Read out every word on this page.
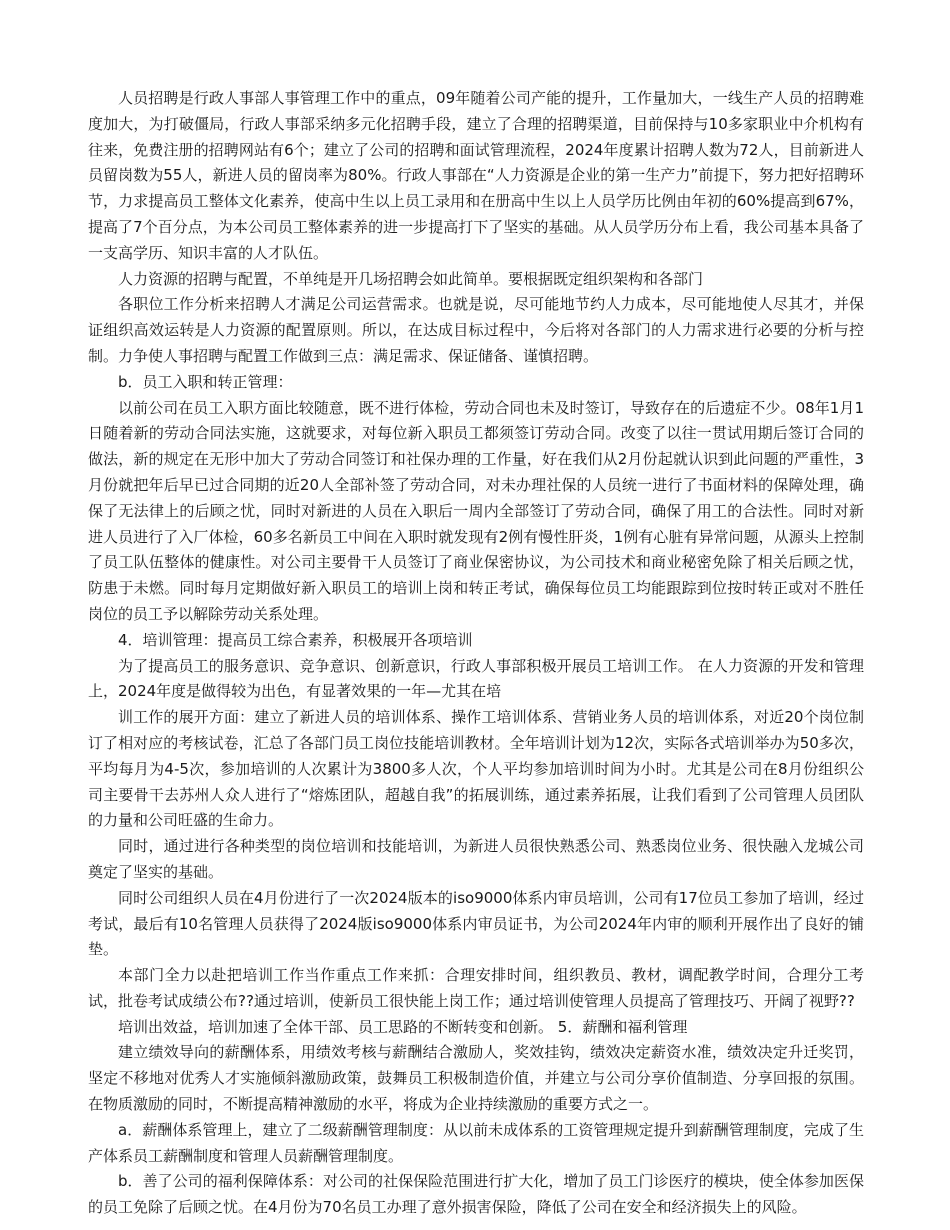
人员招聘是行政人事部人事管理工作中的重点，09年随着公司产能的提升，工作量加大，一线生产人员的招聘难度加大，为打破僵局，行政人事部采纳多元化招聘手段，建立了合理的招聘渠道，目前保持与10多家职业中介机构有往来，免费注册的招聘网站有6个；建立了公司的招聘和面试管理流程，2024年度累计招聘人数为72人，目前新进人员留岗数为55人，新进人员的留岗率为80%。行政人事部在“人力资源是企业的第一生产力”前提下，努力把好招聘环节，力求提高员工整体文化素养，使高中生以上员工录用和在册高中生以上人员学历比例由年初的60%提高到67%，提高了7个百分点，为本公司员工整体素养的进一步提高打下了坚实的基础。从人员学历分布上看，我公司基本具备了一支高学历、知识丰富的人才队伍。

人力资源的招聘与配置，不单纯是开几场招聘会如此简单。要根据既定组织架构和各部门

各职位工作分析来招聘人才满足公司运营需求。也就是说，尽可能地节约人力成本，尽可能地使人尽其才，并保证组织高效运转是人力资源的配置原则。所以，在达成目标过程中，今后将对各部门的人力需求进行必要的分析与控制。力争使人事招聘与配置工作做到三点：满足需求、保证储备、谨慎招聘。

b．员工入职和转正管理：

以前公司在员工入职方面比较随意，既不进行体检，劳动合同也未及时签订，导致存在的后遗症不少。08年1月1日随着新的劳动合同法实施，这就要求，对每位新入职员工都须签订劳动合同。改变了以往一贯试用期后签订合同的做法，新的规定在无形中加大了劳动合同签订和社保办理的工作量，好在我们从2月份起就认识到此问题的严重性，3月份就把年后早已过合同期的近20人全部补签了劳动合同，对未办理社保的人员统一进行了书面材料的保障处理，确保了无法律上的后顾之忧，同时对新进的人员在入职后一周内全部签订了劳动合同，确保了用工的合法性。同时对新进人员进行了入厂体检，60多名新员工中间在入职时就发现有2例有慢性肝炎，1例有心脏有异常问题，从源头上控制了员工队伍整体的健康性。对公司主要骨干人员签订了商业保密协议，为公司技术和商业秘密免除了相关后顾之忧，防患于未燃。同时每月定期做好新入职员工的培训上岗和转正考试，确保每位员工均能跟踪到位按时转正或对不胜任岗位的员工予以解除劳动关系处理。

4．培训管理：提高员工综合素养，积极展开各项培训

为了提高员工的服务意识、竞争意识、创新意识，行政人事部积极开展员工培训工作。 在人力资源的开发和管理上，2024年度是做得较为出色，有显著效果的一年—尤其在培

训工作的展开方面：建立了新进人员的培训体系、操作工培训体系、营销业务人员的培训体系，对近20个岗位制订了相对应的考核试卷，汇总了各部门员工岗位技能培训教材。全年培训计划为12次，实际各式培训举办为50多次，平均每月为4-5次，参加培训的人次累计为3800多人次，个人平均参加培训时间为小时。尤其是公司在8月份组织公司主要骨干去苏州人众人进行了“熔炼团队，超越自我”的拓展训练，通过素养拓展，让我们看到了公司管理人员团队的力量和公司旺盛的生命力。

同时，通过进行各种类型的岗位培训和技能培训，为新进人员很快熟悉公司、熟悉岗位业务、很快融入龙城公司奠定了坚实的基础。

同时公司组织人员在4月份进行了一次2024版本的iso9000体系内审员培训，公司有17位员工参加了培训，经过考试，最后有10名管理人员获得了2024版iso9000体系内审员证书，为公司2024年内审的顺利开展作出了良好的铺垫。

本部门全力以赴把培训工作当作重点工作来抓：合理安排时间，组织教员、教材，调配教学时间，合理分工考试，批卷考试成绩公布??通过培训，使新员工很快能上岗工作；通过培训使管理人员提高了管理技巧、开阔了视野??

培训出效益，培训加速了全体干部、员工思路的不断转变和创新。 5．薪酬和福利管理

建立绩效导向的薪酬体系，用绩效考核与薪酬结合激励人，奖效挂钩，绩效决定薪资水准，绩效决定升迁奖罚，坚定不移地对优秀人才实施倾斜激励政策，鼓舞员工积极制造价值，并建立与公司分享价值制造、分享回报的氛围。在物质激励的同时，不断提高精神激励的水平，将成为企业持续激励的重要方式之一。

a．薪酬体系管理上，建立了二级薪酬管理制度：从以前未成体系的工资管理规定提升到薪酬管理制度，完成了生产体系员工薪酬制度和管理人员薪酬管理制度。

b．善了公司的福利保障体系：对公司的社保保险范围进行扩大化，增加了员工门诊医疗的模块，使全体参加医保的员工免除了后顾之忧。在4月份为70名员工办理了意外损害保险，降低了公司在安全和经济损失上的风险。
